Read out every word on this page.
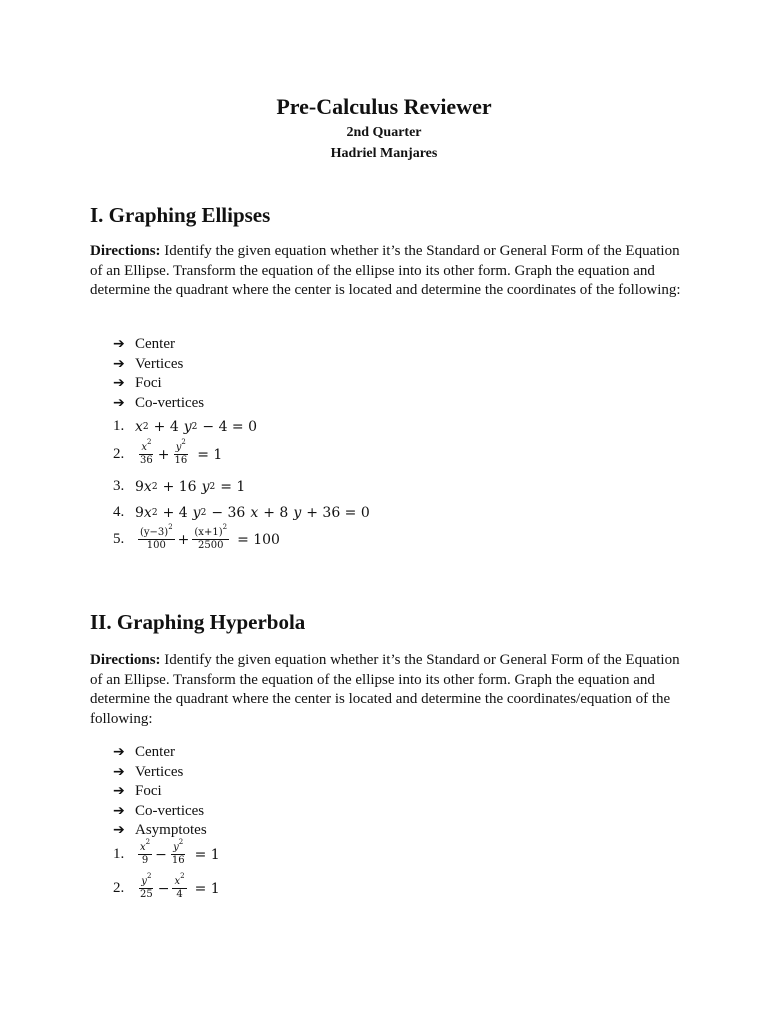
Pre-Calculus Reviewer
2nd Quarter
Hadriel Manjares
I. Graphing Ellipses
Directions: Identify the given equation whether it’s the Standard or General Form of the Equation of an Ellipse. Transform the equation of the ellipse into its other form. Graph the equation and determine the quadrant where the center is located and determine the coordinates of the following:
➔ Center
➔ Vertices
➔ Foci
➔ Co-vertices
1. x 2 + 4 y 2 − 4 = 0
2.	$\frac{x^2}{36} + \frac{y^2}{16} = 1$
3. 9 x 2 + 16 y 2 = 1
4. 9 x 2 + 4 y 2 − 36 x + 8 y + 36 = 0
5.	$\frac{(y-3)^2}{100} + \frac{(x+1)^2}{2500} = 100$
II. Graphing Hyperbola
Directions: Identify the given equation whether it’s the Standard or General Form of the Equation of an Ellipse. Transform the equation of the ellipse into its other form. Graph the equation and determine the quadrant where the center is located and determine the coordinates/equation of the following:
➔ Center
➔ Vertices
➔ Foci
➔ Co-vertices
➔ Asymptotes
1.	$\frac{x^2}{9} - \frac{y^2}{16} = 1$
2.	$\frac{y^2}{25} - \frac{x^2}{4} = 1$
